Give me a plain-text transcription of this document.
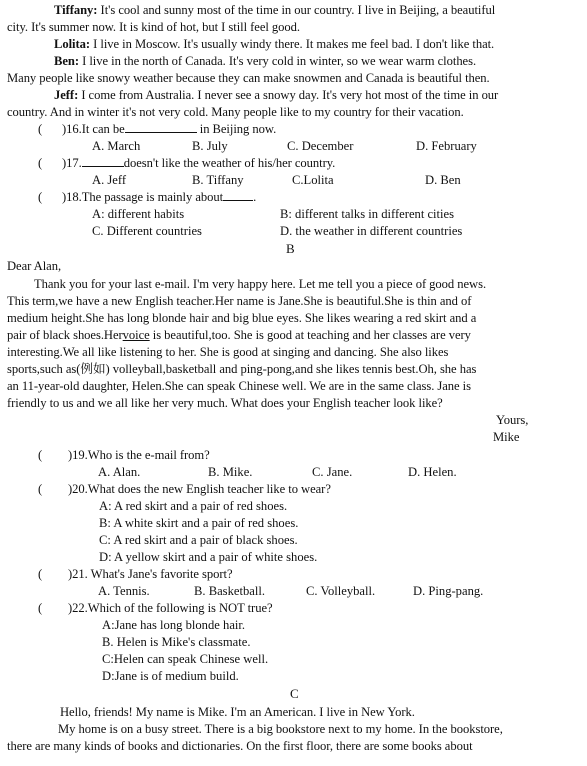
Tiffany: It's cool and sunny most of the time in our country. I live in Beijing, a beautiful
city. It's summer now. It is kind of hot, but I still feel good.
Lolita: I live in Moscow. It's usually windy there. It makes me feel bad. I don't like that.
Ben: I live in the north of Canada. It's very cold in winter, so we wear warm clothes.
Many people like snowy weather because they can make snowmen and Canada is beautiful then.
Jeff: I come from Australia. I never see a snowy day. It's very hot most of the time in our
country. And in winter it's not very cold. Many people like to my country for their vacation.
( )16.It can be	in Beijing now.
A. March	B. July	C. December	D. February
( )17.	doesn't like the weather of his/her country.
A. Jeff	B. Tiffany	C.Lolita	D. Ben
( )18.The passage is mainly about .
A: different habits	B: different talks in different cities
C. Different countries	D. the weather in different countries
B
Dear Alan,
Thank you for your last e-mail. I'm very happy here. Let me tell you a piece of good news.
This term,we have a new English teacher.Her name is Jane.She is beautiful.She is thin and of
medium height.She has long blonde hair and big blue eyes. She likes wearing a red skirt and a
pair of black shoes.Hervoice is beautiful,too. She is good at teaching and her classes are very
interesting.We all like listening to her. She is good at singing and dancing. She also likes
sports,such as(例如) volleyball,basketball and ping-pong,and she likes tennis best.Oh, she has
an 11-year-old daughter, Helen.She can speak Chinese well. We are in the same class. Jane is
friendly to us and we all like her very much. What does your English teacher look like?
Yours,
Mike
( )19.Who is the e-mail from?
A. Alan.	B. Mike.	C. Jane.	D. Helen.
( )20.What does the new English teacher like to wear?
A: A red skirt and a pair of red shoes.
B: A white skirt and a pair of red shoes.
C: A red skirt and a pair of black shoes.
D: A yellow skirt and a pair of white shoes.
( )21. What's Jane's favorite sport?
A. Tennis.	B. Basketball.	C. Volleyball.	D. Ping-pang.
( )22.Which of the following is NOT true?
A:Jane has long blonde hair.
B. Helen is Mike's classmate.
C:Helen can speak Chinese well.
D:Jane is of medium build.
C
Hello, friends! My name is Mike. I'm an American. I live in New York.
My home is on a busy street. There is a big bookstore next to my home. In the bookstore,
there are many kinds of books and dictionaries. On the first floor, there are some books about
